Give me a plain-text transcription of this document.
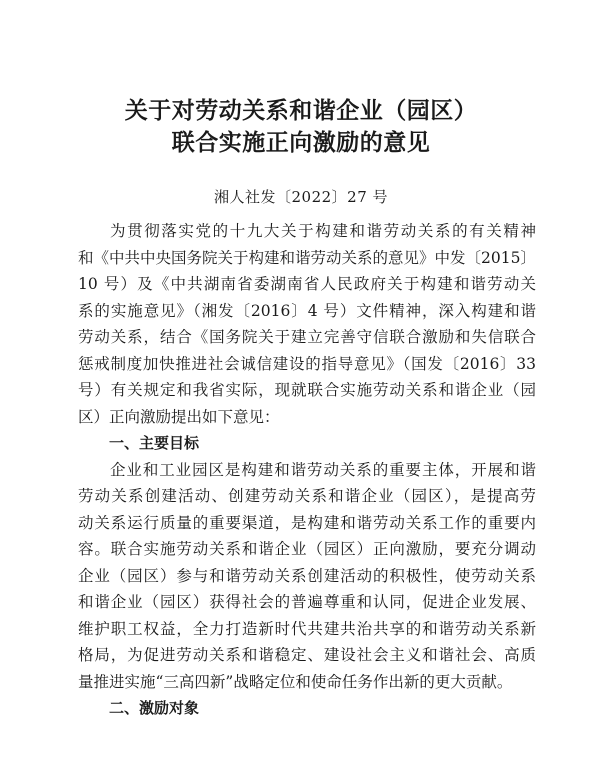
关于对劳动关系和谐企业（园区）
联合实施正向激励的意见
湘人社发〔2022〕27 号
为贯彻落实党的十九大关于构建和谐劳动关系的有关精神
和《中共中央国务院关于构建和谐劳动关系的意见》中发〔2015〕
10 号）及《中共湖南省委湖南省人民政府关于构建和谐劳动关
系的实施意见》（湘发〔2016〕4 号）文件精神，深入构建和谐
劳动关系，结合《国务院关于建立完善守信联合激励和失信联合
惩戒制度加快推进社会诚信建设的指导意见》（国发〔2016〕33
号）有关规定和我省实际，现就联合实施劳动关系和谐企业（园
区）正向激励提出如下意见：
一、主要目标
企业和工业园区是构建和谐劳动关系的重要主体，开展和谐
劳动关系创建活动、创建劳动关系和谐企业（园区），是提高劳
动关系运行质量的重要渠道，是构建和谐劳动关系工作的重要内
容。联合实施劳动关系和谐企业（园区）正向激励，要充分调动
企业（园区）参与和谐劳动关系创建活动的积极性，使劳动关系
和谐企业（园区）获得社会的普遍尊重和认同，促进企业发展、
维护职工权益，全力打造新时代共建共治共享的和谐劳动关系新
格局，为促进劳动关系和谐稳定、建设社会主义和谐社会、高质
量推进实施“三高四新”战略定位和使命任务作出新的更大贡献。
二、激励对象
